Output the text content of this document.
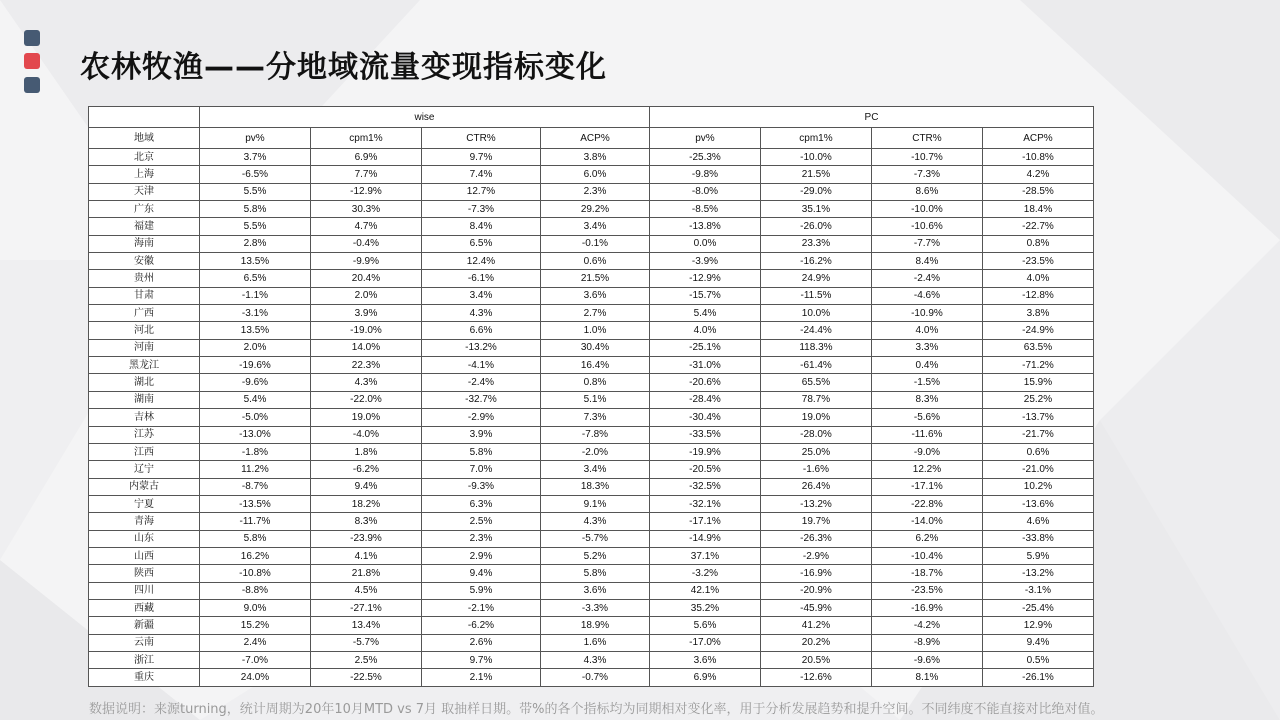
农林牧渔——分地域流量变现指标变化
	wise				PC			
地域	pv%	cpm1%	CTR%	ACP%	pv%	cpm1%	CTR%	ACP%
北京	3.7%	6.9%	9.7%	3.8%	-25.3%	-10.0%	-10.7%	-10.8%
上海	-6.5%	7.7%	7.4%	6.0%	-9.8%	21.5%	-7.3%	4.2%
天津	5.5%	-12.9%	12.7%	2.3%	-8.0%	-29.0%	8.6%	-28.5%
广东	5.8%	30.3%	-7.3%	29.2%	-8.5%	35.1%	-10.0%	18.4%
福建	5.5%	4.7%	8.4%	3.4%	-13.8%	-26.0%	-10.6%	-22.7%
海南	2.8%	-0.4%	6.5%	-0.1%	0.0%	23.3%	-7.7%	0.8%
安徽	13.5%	-9.9%	12.4%	0.6%	-3.9%	-16.2%	8.4%	-23.5%
贵州	6.5%	20.4%	-6.1%	21.5%	-12.9%	24.9%	-2.4%	4.0%
甘肃	-1.1%	2.0%	3.4%	3.6%	-15.7%	-11.5%	-4.6%	-12.8%
广西	-3.1%	3.9%	4.3%	2.7%	5.4%	10.0%	-10.9%	3.8%
河北	13.5%	-19.0%	6.6%	1.0%	4.0%	-24.4%	4.0%	-24.9%
河南	2.0%	14.0%	-13.2%	30.4%	-25.1%	118.3%	3.3%	63.5%
黑龙江	-19.6%	22.3%	-4.1%	16.4%	-31.0%	-61.4%	0.4%	-71.2%
湖北	-9.6%	4.3%	-2.4%	0.8%	-20.6%	65.5%	-1.5%	15.9%
湖南	5.4%	-22.0%	-32.7%	5.1%	-28.4%	78.7%	8.3%	25.2%
吉林	-5.0%	19.0%	-2.9%	7.3%	-30.4%	19.0%	-5.6%	-13.7%
江苏	-13.0%	-4.0%	3.9%	-7.8%	-33.5%	-28.0%	-11.6%	-21.7%
江西	-1.8%	1.8%	5.8%	-2.0%	-19.9%	25.0%	-9.0%	0.6%
辽宁	11.2%	-6.2%	7.0%	3.4%	-20.5%	-1.6%	12.2%	-21.0%
内蒙古	-8.7%	9.4%	-9.3%	18.3%	-32.5%	26.4%	-17.1%	10.2%
宁夏	-13.5%	18.2%	6.3%	9.1%	-32.1%	-13.2%	-22.8%	-13.6%
青海	-11.7%	8.3%	2.5%	4.3%	-17.1%	19.7%	-14.0%	4.6%
山东	5.8%	-23.9%	2.3%	-5.7%	-14.9%	-26.3%	6.2%	-33.8%
山西	16.2%	4.1%	2.9%	5.2%	37.1%	-2.9%	-10.4%	5.9%
陕西	-10.8%	21.8%	9.4%	5.8%	-3.2%	-16.9%	-18.7%	-13.2%
四川	-8.8%	4.5%	5.9%	3.6%	42.1%	-20.9%	-23.5%	-3.1%
西藏	9.0%	-27.1%	-2.1%	-3.3%	35.2%	-45.9%	-16.9%	-25.4%
新疆	15.2%	13.4%	-6.2%	18.9%	5.6%	41.2%	-4.2%	12.9%
云南	2.4%	-5.7%	2.6%	1.6%	-17.0%	20.2%	-8.9%	9.4%
浙江	-7.0%	2.5%	9.7%	4.3%	3.6%	20.5%	-9.6%	0.5%
重庆	24.0%	-22.5%	2.1%	-0.7%	6.9%	-12.6%	8.1%	-26.1%
数据说明：来源turning，统计周期为20年10月MTD vs 7月 取抽样日期。带%的各个指标均为同期相对变化率，用于分析发展趋势和提升空间。不同纬度不能直接对比绝对值。
